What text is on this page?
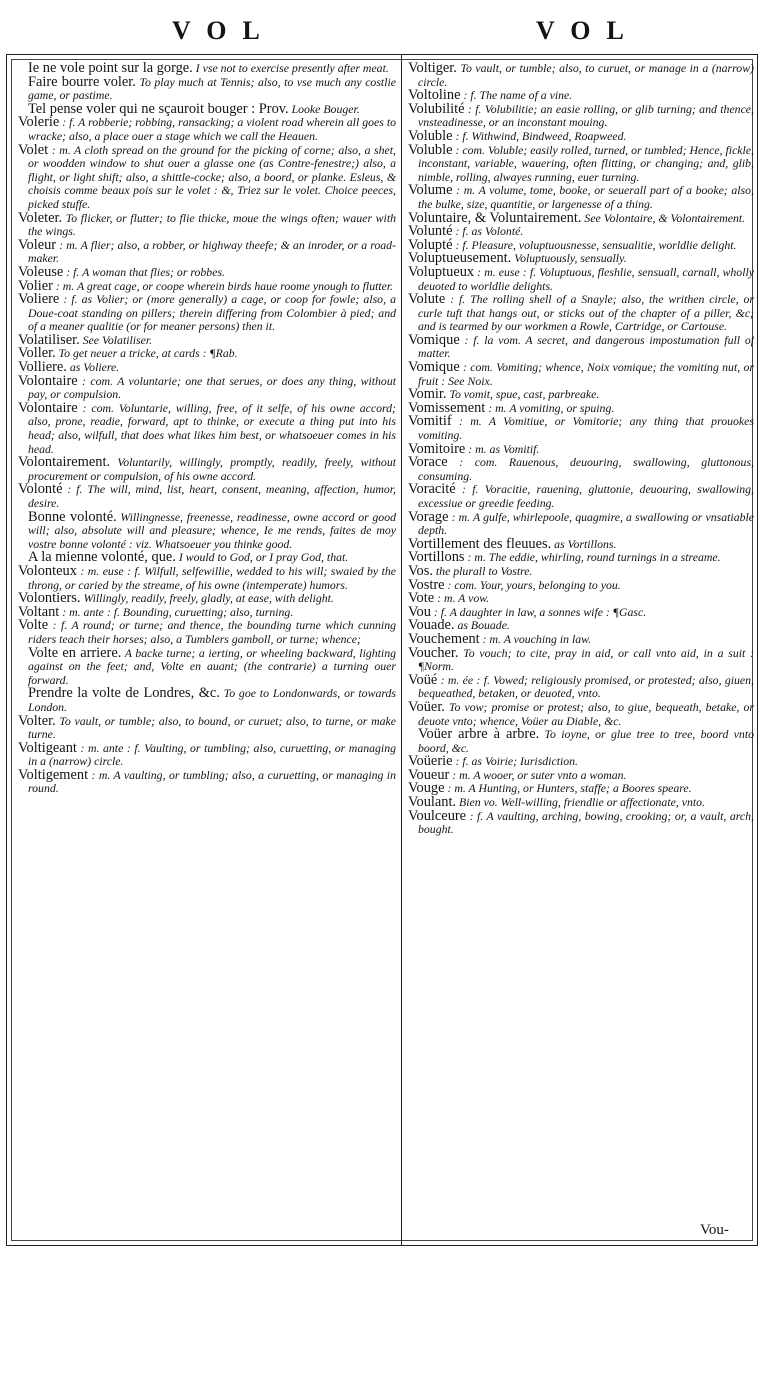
VOL	VOL

Ie ne vole point sur la gorge. I vse not to exercise presently after meat.

Faire bourre voler. To play much at Tennis; also, to vse much any costlie game, or pastime.

Tel pense voler qui ne sçauroit bouger : Prov. Looke Bouger.

Volerie : f. A robberie; robbing, ransacking; a violent road wherein all goes to wracke; also, a place ouer a stage which we call the Heauen.

Volet : m. A cloth spread on the ground for the picking of corne; also, a shet, or woodden window to shut ouer a glasse one (as Contre-fenestre;) also, a flight, or light shift; also, a shittle-cocke; also, a boord, or planke. Esleus, & choisis comme beaux pois sur le volet : &, Triez sur le volet. Choice peeces, picked stuffe.

Voleter. To flicker, or flutter; to flie thicke, moue the wings often; wauer with the wings.

Voleur : m. A flier; also, a robber, or highway theefe; & an inroder, or a road-maker.

Voleuse : f. A woman that flies; or robbes.

Volier : m. A great cage, or coope wherein birds haue roome ynough to flutter.

Voliere : f. as Volier; or (more generally) a cage, or coop for fowle; also, a Doue-coat standing on pillers; therein differing from Colombier à pied; and of a meaner qualitie (or for meaner persons) then it.

Volatiliser. See Volatiliser.

Voller. To get neuer a tricke, at cards : ¶Rab.

Volliere. as Voliere.

Volontaire : com. A voluntarie; one that serues, or does any thing, without pay, or compulsion.

Volontaire : com. Voluntarie, willing, free, of it selfe, of his owne accord; also, prone, readie, forward, apt to thinke, or execute a thing put into his head; also, wilfull, that does what likes him best, or whatsoeuer comes in his head.

Volontairement. Voluntarily, willingly, promptly, readily, freely, without procurement or compulsion, of his owne accord.

Volonté : f. The will, mind, list, heart, consent, meaning, affection, humor, desire.

Bonne volonté. Willingnesse, freenesse, readinesse, owne accord or good will; also, absolute will and pleasure; whence, Ie me rends, faites de moy vostre bonne volonté : viz. Whatsoeuer you thinke good.

A la mienne volonté, que. I would to God, or I pray God, that.

Volonteux : m. euse : f. Wilfull, selfewillie, wedded to his will; swaied by the throng, or caried by the streame, of his owne (intemperate) humors.

Volontiers. Willingly, readily, freely, gladly, at ease, with delight.

Voltant : m. ante : f. Bounding, curuetting; also, turning.

Volte : f. A round; or turne; and thence, the bounding turne which cunning riders teach their horses; also, a Tumblers gamboll, or turne; whence;

Volte en arriere. A backe turne; a ierting, or wheeling backward, lighting against on the feet; and, Volte en auant; (the contrarie) a turning ouer forward.

Prendre la volte de Londres, &c. To goe to Londonwards, or towards London.

Volter. To vault, or tumble; also, to bound, or curuet; also, to turne, or make turne.

Voltigeant : m. ante : f. Vaulting, or tumbling; also, curuetting, or managing in a (narrow) circle.

Voltigement : m. A vaulting, or tumbling; also, a curuetting, or managing in round.

Voltiger. To vault, or tumble; also, to curuet, or manage in a (narrow) circle.

Voltoline : f. The name of a vine.

Volubilité : f. Volubilitie; an easie rolling, or glib turning; and thence, vnsteadinesse, or an inconstant mouing.

Voluble : f. Withwind, Bindweed, Roapweed.

Voluble : com. Voluble; easily rolled, turned, or tumbled; Hence, fickle, inconstant, variable, wauering, often flitting, or changing; and, glib, nimble, rolling, alwayes running, euer turning.

Volume : m. A volume, tome, booke, or seuerall part of a booke; also, the bulke, size, quantitie, or largenesse of a thing.

Voluntaire, & Voluntairement. See Volontaire, & Volontairement.

Volunté : f. as Volonté.

Volupté : f. Pleasure, voluptuousnesse, sensualitie, worldlie delight.

Voluptueusement. Voluptuously, sensually.

Voluptueux : m. euse : f. Voluptuous, fleshlie, sensuall, carnall, wholly deuoted to worldlie delights.

Volute : f. The rolling shell of a Snayle; also, the writhen circle, or curle tuft that hangs out, or sticks out of the chapter of a piller, &c; and is tearmed by our workmen a Rowle, Cartridge, or Cartouse.

Vomique : f. la vom. A secret, and dangerous impostumation full of matter.

Vomique : com. Vomiting; whence, Noix vomique; the vomiting nut, or fruit : See Noix.

Vomir. To vomit, spue, cast, parbreake.

Vomissement : m. A vomiting, or spuing.

Vomitif : m. A Vomitiue, or Vomitorie; any thing that prouokes vomiting.

Vomitoire : m. as Vomitif.

Vorace : com. Rauenous, deuouring, swallowing, gluttonous, consuming.

Voracité : f. Voracitie, rauening, gluttonie, deuouring, swallowing, excessiue or greedie feeding.

Vorage : m. A gulfe, whirlepoole, quagmire, a swallowing or vnsatiable depth.

Vortillement des fleuues. as Vortillons.

Vortillons : m. The eddie, whirling, round turnings in a streame.

Vos. the plurall to Vostre.

Vostre : com. Your, yours, belonging to you.

Vote : m. A vow.

Vou : f. A daughter in law, a sonnes wife : ¶Gasc.

Vouade. as Bouade.

Vouchement : m. A vouching in law.

Voucher. To vouch; to cite, pray in aid, or call vnto aid, in a suit : ¶Norm.

Voüé : m. ée : f. Vowed; religiously promised, or protested; also, giuen, bequeathed, betaken, or deuoted, vnto.

Voüer. To vow; promise or protest; also, to giue, bequeath, betake, or deuote vnto; whence, Voüer au Diable, &c.

Voüer arbre à arbre. To ioyne, or glue tree to tree, boord vnto boord, &c.

Voüerie : f. as Voirie; Iurisdiction.

Voueur : m. A wooer, or suter vnto a woman.

Vouge : m. A Hunting, or Hunters, staffe; a Boores speare.

Voulant. Bien vo. Well-willing, friendlie or affectionate, vnto.

Voulceure : f. A vaulting, arching, bowing, crooking; or, a vault, arch, bought.

Vou-
